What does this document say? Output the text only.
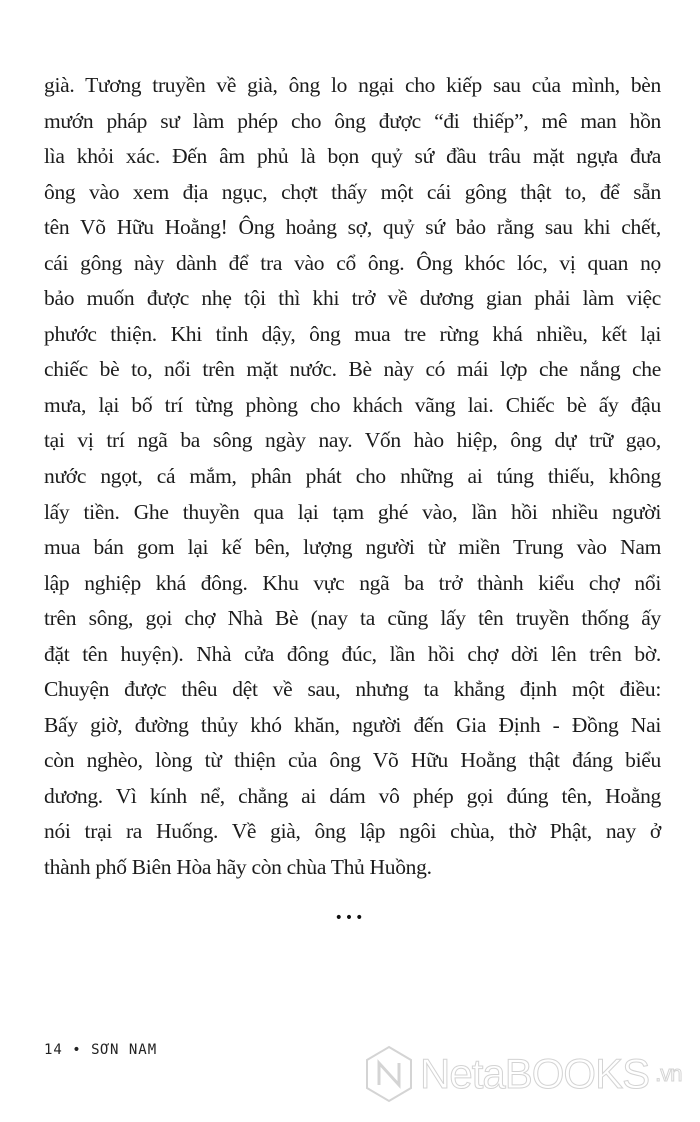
già. Tương truyền về già, ông lo ngại cho kiếp sau của mình, bèn
mướn pháp sư làm phép cho ông được “đi thiếp”, mê man hồn
lìa khỏi xác. Đến âm phủ là bọn quỷ sứ đầu trâu mặt ngựa đưa
ông vào xem địa ngục, chợt thấy một cái gông thật to, để sẵn
tên Võ Hữu Hoằng! Ông hoảng sợ, quỷ sứ bảo rằng sau khi chết,
cái gông này dành để tra vào cổ ông. Ông khóc lóc, vị quan nọ
bảo muốn được nhẹ tội thì khi trở về dương gian phải làm việc
phước thiện. Khi tỉnh dậy, ông mua tre rừng khá nhiều, kết lại
chiếc bè to, nổi trên mặt nước. Bè này có mái lợp che nắng che
mưa, lại bố trí từng phòng cho khách vãng lai. Chiếc bè ấy đậu
tại vị trí ngã ba sông ngày nay. Vốn hào hiệp, ông dự trữ gạo,
nước ngọt, cá mắm, phân phát cho những ai túng thiếu, không
lấy tiền. Ghe thuyền qua lại tạm ghé vào, lần hồi nhiều người
mua bán gom lại kế bên, lượng người từ miền Trung vào Nam
lập nghiệp khá đông. Khu vực ngã ba trở thành kiểu chợ nổi
trên sông, gọi chợ Nhà Bè (nay ta cũng lấy tên truyền thống ấy
đặt tên huyện). Nhà cửa đông đúc, lần hồi chợ dời lên trên bờ.
Chuyện được thêu dệt về sau, nhưng ta khẳng định một điều:
Bấy giờ, đường thủy khó khăn, người đến Gia Định - Đồng Nai
còn nghèo, lòng từ thiện của ông Võ Hữu Hoằng thật đáng biểu
dương. Vì kính nể, chẳng ai dám vô phép gọi đúng tên, Hoằng
nói trại ra Huống. Về già, ông lập ngôi chùa, thờ Phật, nay ở
thành phố Biên Hòa hãy còn chùa Thủ Huồng.
•••
14 • SƠN NAM	NetaBOOKS .vn
